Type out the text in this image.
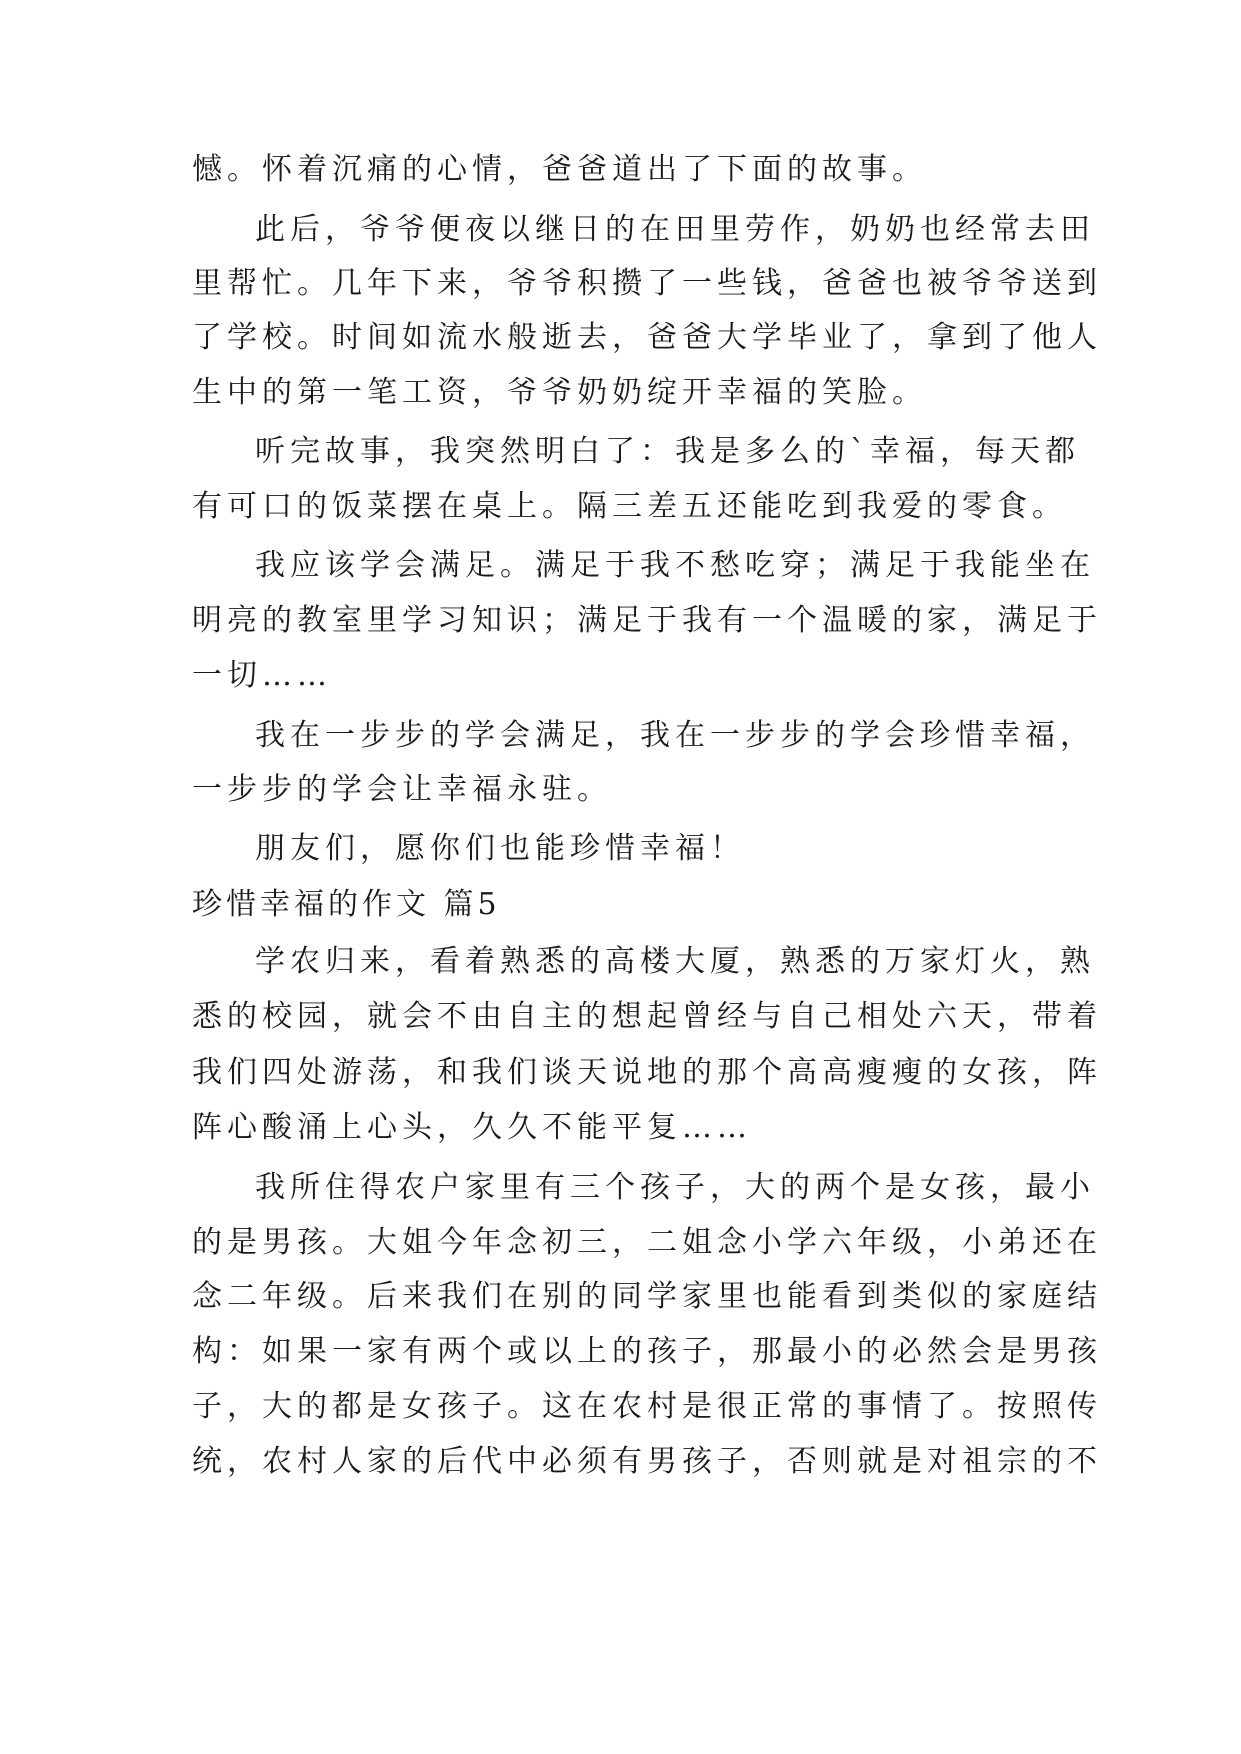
憾。怀着沉痛的心情，爸爸道出了下面的故事。
此后，爷爷便夜以继日的在田里劳作，奶奶也经常去田
里帮忙。几年下来，爷爷积攒了一些钱，爸爸也被爷爷送到
了学校。时间如流水般逝去，爸爸大学毕业了，拿到了他人
生中的第一笔工资，爷爷奶奶绽开幸福的笑脸。
听完故事，我突然明白了：我是多么的`幸福，每天都
有可口的饭菜摆在桌上。隔三差五还能吃到我爱的零食。
我应该学会满足。满足于我不愁吃穿；满足于我能坐在
明亮的教室里学习知识；满足于我有一个温暖的家，满足于
一切……
我在一步步的学会满足，我在一步步的学会珍惜幸福，
一步步的学会让幸福永驻。
朋友们，愿你们也能珍惜幸福！
珍惜幸福的作文 篇5
学农归来，看着熟悉的高楼大厦，熟悉的万家灯火，熟
悉的校园，就会不由自主的想起曾经与自己相处六天，带着
我们四处游荡，和我们谈天说地的那个高高瘦瘦的女孩，阵
阵心酸涌上心头，久久不能平复……
我所住得农户家里有三个孩子，大的两个是女孩，最小
的是男孩。大姐今年念初三，二姐念小学六年级，小弟还在
念二年级。后来我们在别的同学家里也能看到类似的家庭结
构：如果一家有两个或以上的孩子，那最小的必然会是男孩
子，大的都是女孩子。这在农村是很正常的事情了。按照传
统，农村人家的后代中必须有男孩子，否则就是对祖宗的不
